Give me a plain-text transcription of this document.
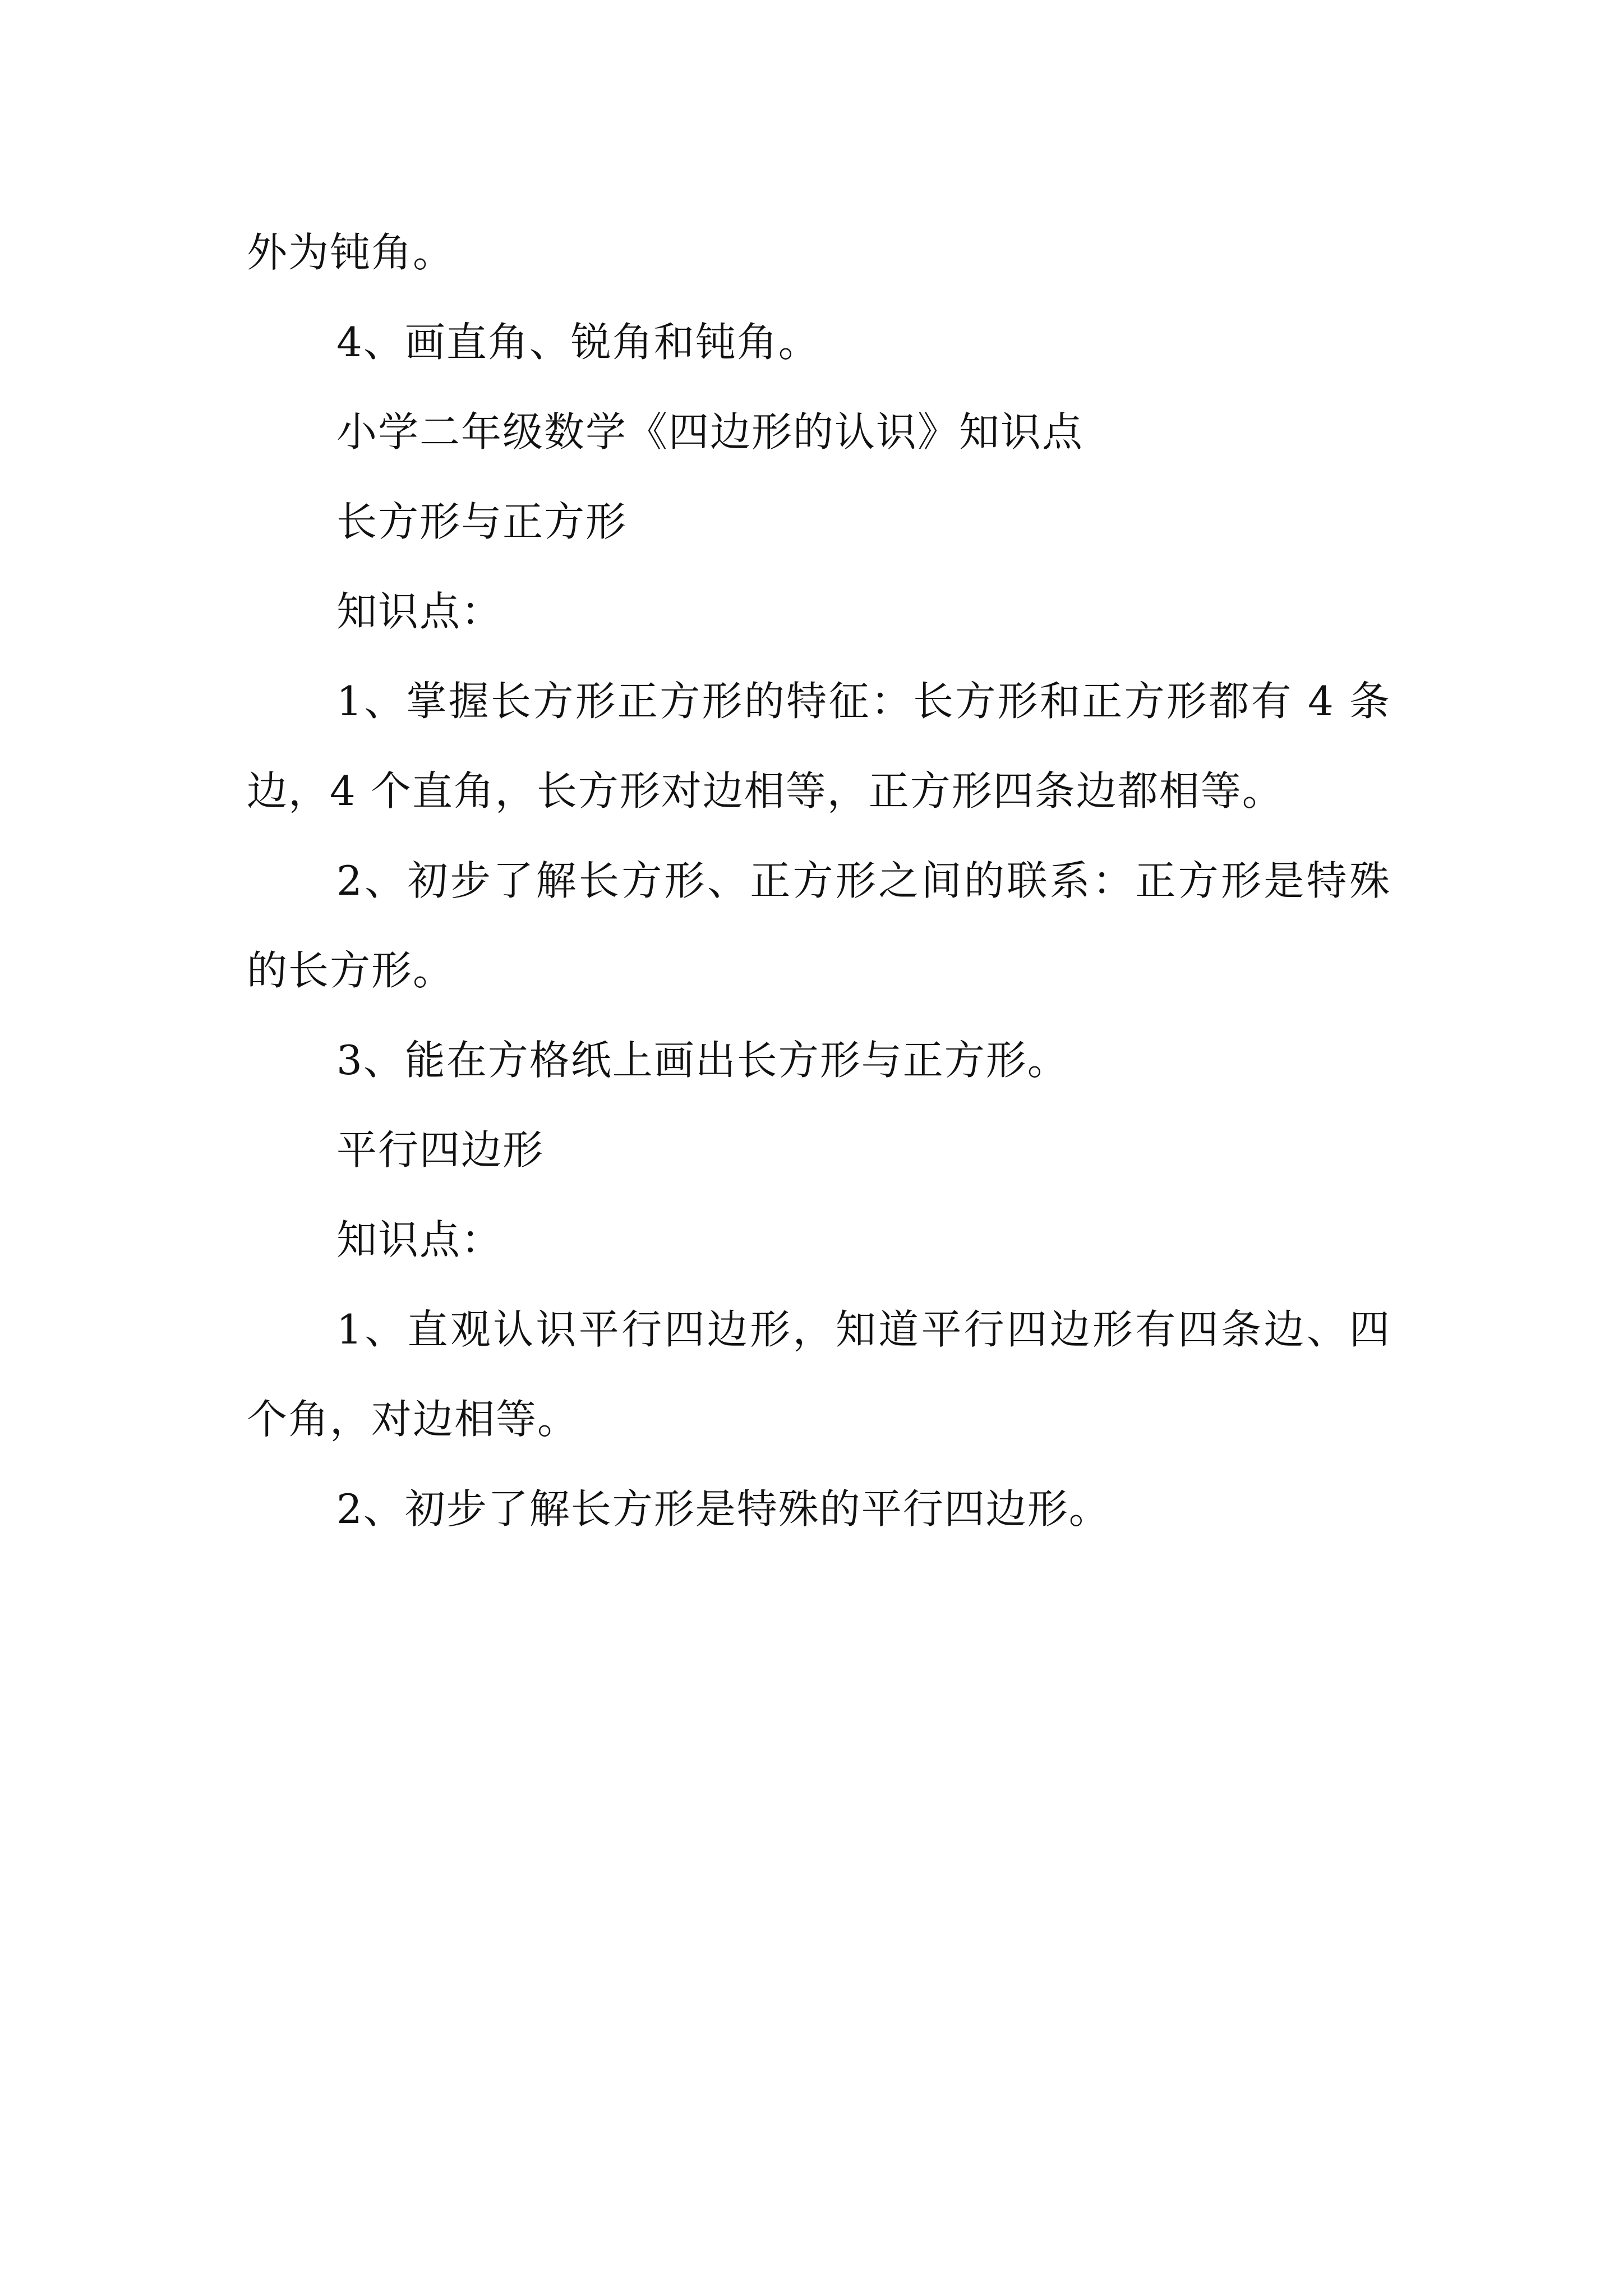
外为钝角。

4、画直角、锐角和钝角。

小学二年级数学《四边形的认识》知识点

长方形与正方形

知识点：

1、掌握长方形正方形的特征：长方形和正方形都有 4 条边，4 个直角，长方形对边相等，正方形四条边都相等。

2、初步了解长方形、正方形之间的联系：正方形是特殊的长方形。

3、能在方格纸上画出长方形与正方形。

平行四边形

知识点：

1、直观认识平行四边形，知道平行四边形有四条边、四个角，对边相等。

2、初步了解长方形是特殊的平行四边形。
